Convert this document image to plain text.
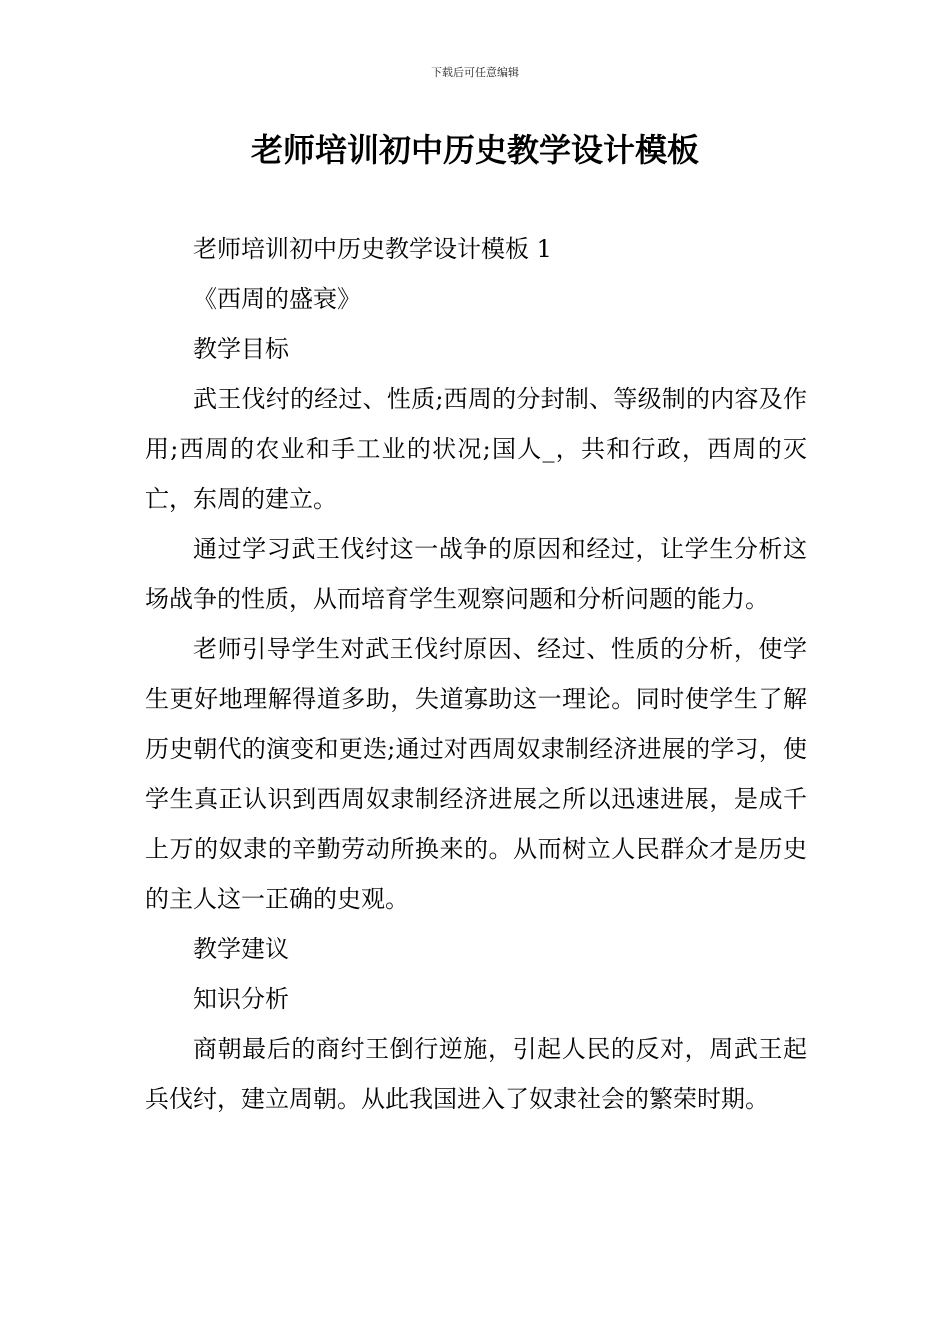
下载后可任意编辑
老师培训初中历史教学设计模板

老师培训初中历史教学设计模板 1

《西周的盛衰》

教学目标

武王伐纣的经过、性质;西周的分封制、等级制的内容及作用;西周的农业和手工业的状况;国人_，共和行政，西周的灭亡，东周的建立。

通过学习武王伐纣这一战争的原因和经过，让学生分析这场战争的性质，从而培育学生观察问题和分析问题的能力。

老师引导学生对武王伐纣原因、经过、性质的分析，使学生更好地理解得道多助，失道寡助这一理论。同时使学生了解历史朝代的演变和更迭;通过对西周奴隶制经济进展的学习，使学生真正认识到西周奴隶制经济进展之所以迅速进展，是成千上万的奴隶的辛勤劳动所换来的。从而树立人民群众才是历史的主人这一正确的史观。

教学建议

知识分析

商朝最后的商纣王倒行逆施，引起人民的反对，周武王起兵伐纣，建立周朝。从此我国进入了奴隶社会的繁荣时期。
